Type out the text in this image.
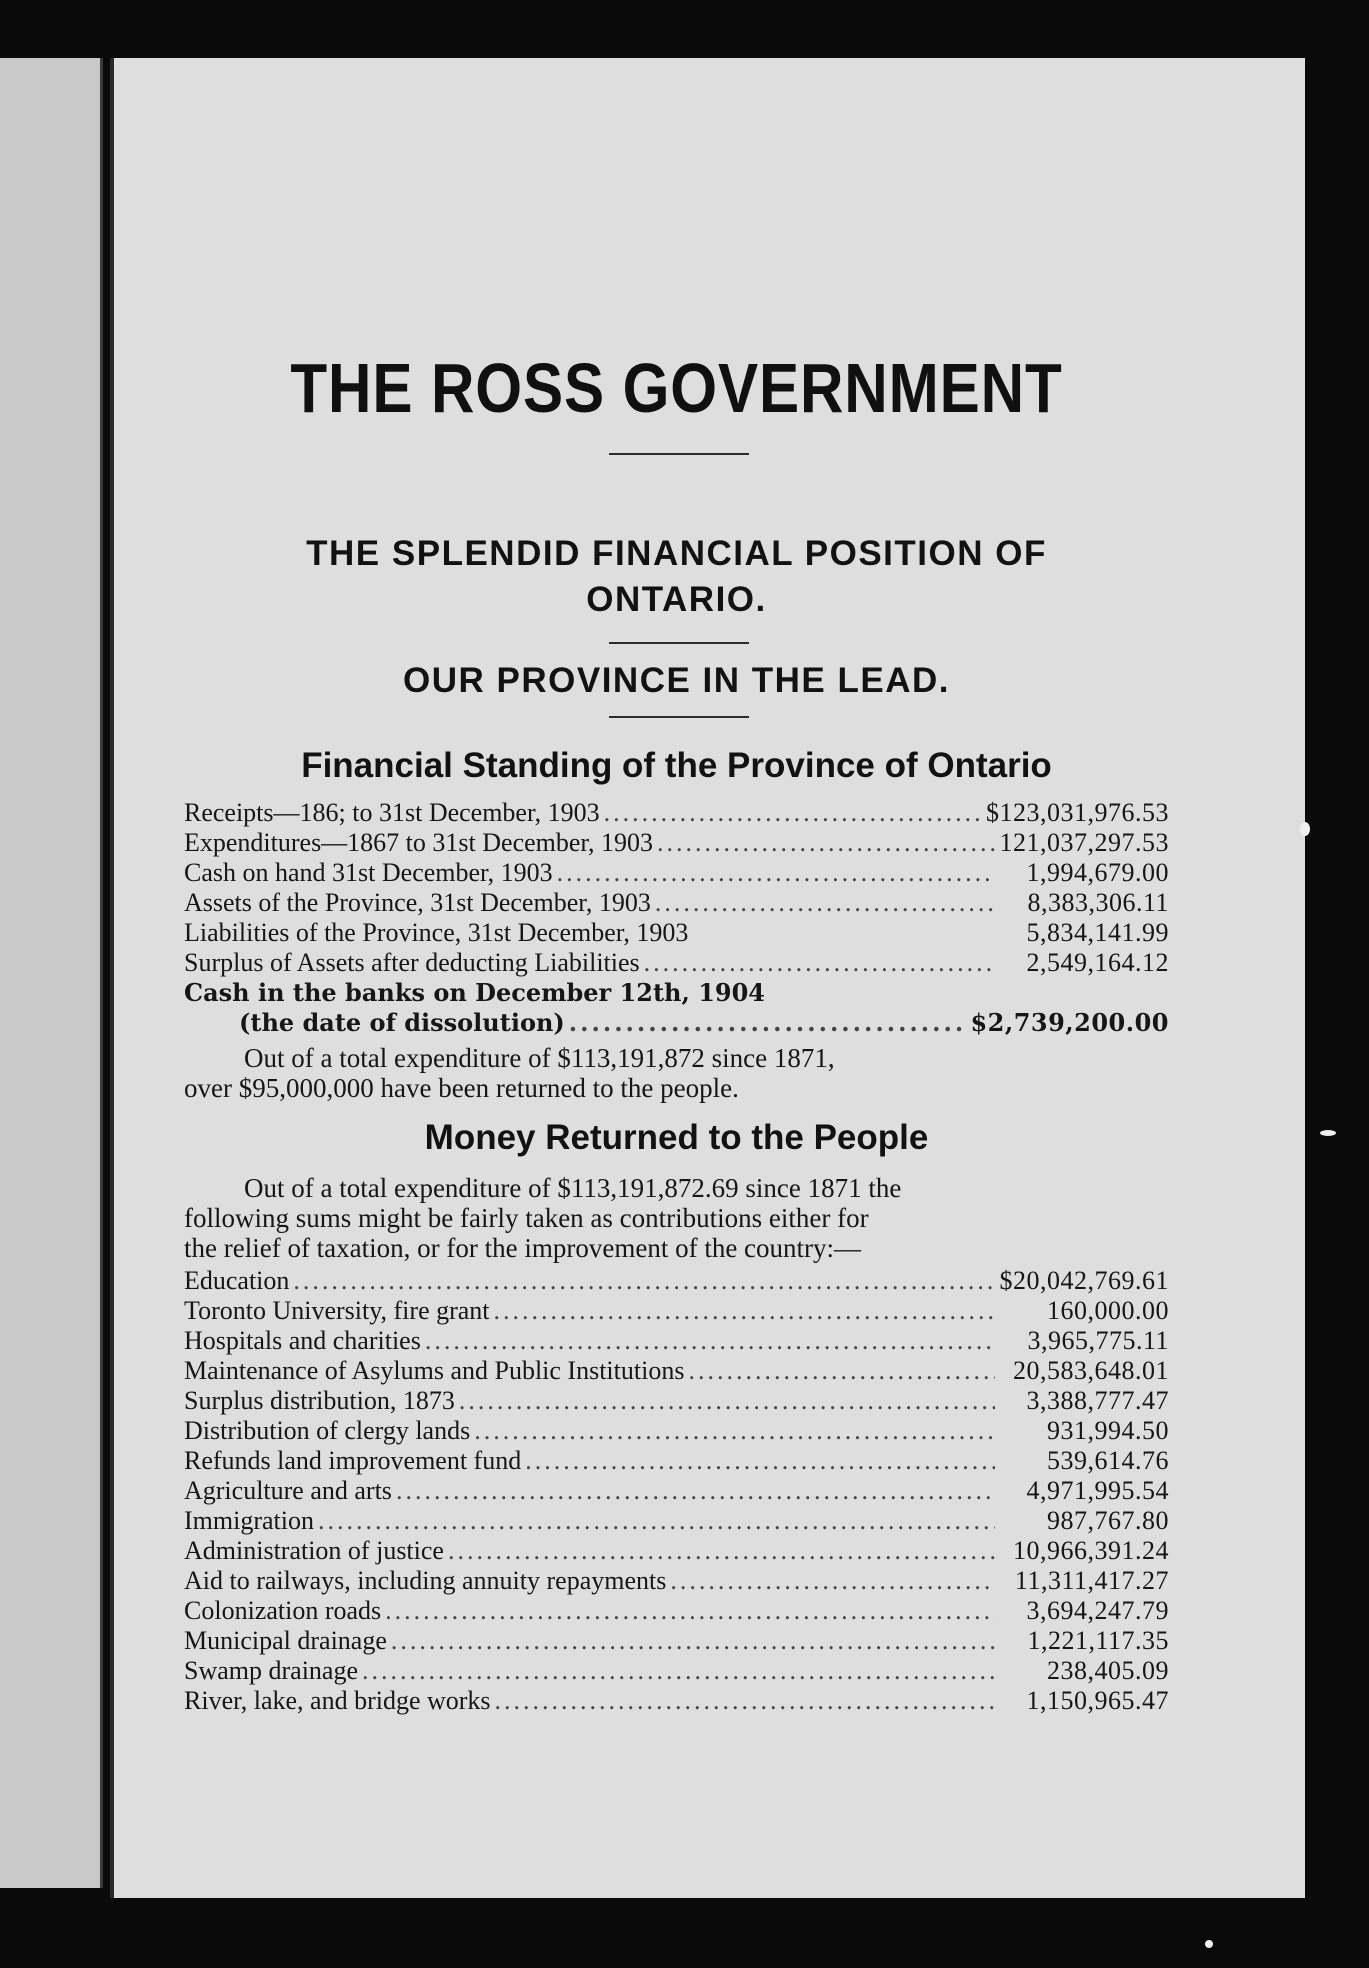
THE ROSS GOVERNMENT
THE SPLENDID FINANCIAL POSITION OF
ONTARIO.
OUR PROVINCE IN THE LEAD.
Financial Standing of the Province of Ontario
Receipts—186; to 31st December, 1903 .....	$123,031,976.53
Expenditures—1867 to 31st December, 1903 .....	121,037,297.53
Cash on hand 31st December, 1903 .....	1,994,679.00
Assets of the Province, 31st December, 1903 .....	8,383,306.11
Liabilities of the Province, 31st December, 1903	5,834,141.99
Surplus of Assets after deducting Liabilities .....	2,549,164.12
Cash in the banks on December 12th, 1904
(the date of dissolution) .....	$2,739,200.00
Out of a total expenditure of $113,191,872 since 1871,
over $95,000,000 have been returned to the people.
Money Returned to the People
Out of a total expenditure of $113,191,872.69 since 1871 the
following sums might be fairly taken as contributions either for
the relief of taxation, or for the improvement of the country:—
Education .....	$20,042,769.61
Toronto University, fire grant .....	160,000.00
Hospitals and charities .....	3,965,775.11
Maintenance of Asylums and Public Institutions .....	20,583,648.01
Surplus distribution, 1873 .....	3,388,777.47
Distribution of clergy lands .....	931,994.50
Refunds land improvement fund .....	539,614.76
Agriculture and arts .....	4,971,995.54
Immigration .....	987,767.80
Administration of justice .....	10,966,391.24
Aid to railways, including annuity repayments .....	11,311,417.27
Colonization roads .....	3,694,247.79
Municipal drainage .....	1,221,117.35
Swamp drainage .....	238,405.09
River, lake, and bridge works .....	1,150,965.47
